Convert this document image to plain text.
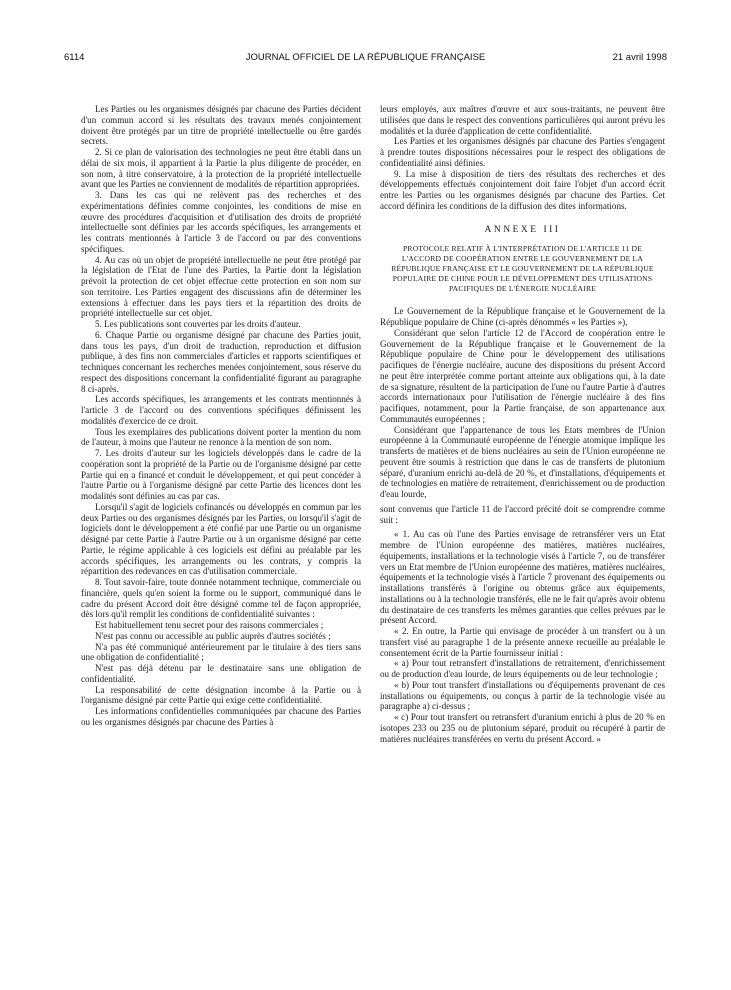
6114	JOURNAL OFFICIEL DE LA RÉPUBLIQUE FRANÇAISE	21 avril 1998

Les Parties ou les organismes désignés par chacune des Parties décident d'un commun accord si les résultats des travaux menés conjointement doivent être protégés par un titre de propriété intellectuelle ou être gardés secrets.

2. Si ce plan de valorisation des technologies ne peut être établi dans un délai de six mois, il appartient à la Partie la plus diligente de procéder, en son nom, à titre conservatoire, à la protection de la propriété intellectuelle avant que les Parties ne conviennent de modalités de répartition appropriées.

3. Dans les cas qui ne relèvent pas des recherches et des expérimentations définies comme conjointes, les conditions de mise en œuvre des procédures d'acquisition et d'utilisation des droits de propriété intellectuelle sont définies par les accords spécifiques, les arrangements et les contrats mentionnés à l'article 3 de l'accord ou par des conventions spécifiques.

4. Au cas où un objet de propriété intellectuelle ne peut être protégé par la législation de l'Etat de l'une des Parties, la Partie dont la législation prévoit la protection de cet objet effectue cette protection en son nom sur son territoire. Les Parties engagent des discussions afin de déterminer les extensions à effectuer dans les pays tiers et la répartition des droits de propriété intellectuelle sur cet objet.

5. Les publications sont couvertes par les droits d'auteur.

6. Chaque Partie ou organisme désigné par chacune des Parties jouit, dans tous les pays, d'un droit de traduction, reproduction et diffusion publique, à des fins non commerciales d'articles et rapports scientifiques et techniques concernant les recherches menées conjointement, sous réserve du respect des dispositions concernant la confidentialité figurant au paragraphe 8 ci-après.

Les accords spécifiques, les arrangements et les contrats mentionnés à l'article 3 de l'accord ou des conventions spécifiques définissent les modalités d'exercice de ce droit.

Tous les exemplaires des publications doivent porter la mention du nom de l'auteur, à moins que l'auteur ne renonce à la mention de son nom.

7. Les droits d'auteur sur les logiciels développés dans le cadre de la coopération sont la propriété de la Partie ou de l'organisme désigné par cette Partie qui en a financé et conduit le développement, et qui peut concéder à l'autre Partie ou à l'organisme désigné par cette Partie des licences dont les modalités sont définies au cas par cas.

Lorsqu'il s'agit de logiciels cofinancés ou développés en commun par les deux Parties ou des organismes désignés par les Parties, ou lorsqu'il s'agit de logiciels dont le développement a été confié par une Partie ou un organisme désigné par cette Partie à l'autre Partie ou à un organisme désigné par cette Partie, le régime applicable à ces logiciels est défini au préalable par les accords spécifiques, les arrangements ou les contrats, y compris la répartition des redevances en cas d'utilisation commerciale.

8. Tout savoir-faire, toute donnée notamment technique, commerciale ou financière, quels qu'en soient la forme ou le support, communiqué dans le cadre du présent Accord doit être désigné comme tel de façon appropriée, dès lors qu'il remplit les conditions de confidentialité suivantes :

Est habituellement tenu secret pour des raisons commerciales ;

N'est pas connu ou accessible au public auprès d'autres sociétés ;

N'a pas été communiqué antérieurement par le titulaire à des tiers sans une obligation de confidentialité ;

N'est pas déjà détenu par le destinataire sans une obligation de confidentialité.

La responsabilité de cette désignation incombe à la Partie ou à l'organisme désigné par cette Partie qui exige cette confidentialité.

Les informations confidentielles communiquées par chacune des Parties ou les organismes désignés par chacune des Parties à

leurs employés, aux maîtres d'œuvre et aux sous-traitants, ne peuvent être utilisées que dans le respect des conventions particulières qui auront prévu les modalités et la durée d'application de cette confidentialité.

Les Parties et les organismes désignés par chacune des Parties s'engagent à prendre toutes dispositions nécessaires pour le respect des obligations de confidentialité ainsi définies.

9. La mise à disposition de tiers des résultats des recherches et des développements effectués conjointement doit faire l'objet d'un accord écrit entre les Parties ou les organismes désignés par chacune des Parties. Cet accord définira les conditions de la diffusion des dites informations.

ANNEXE III
PROTOCOLE RELATIF À L'INTERPRÉTATION DE L'ARTICLE 11 DE L'ACCORD DE COOPÉRATION ENTRE LE GOUVERNEMENT DE LA RÉPUBLIQUE FRANÇAISE ET LE GOUVERNEMENT DE LA RÉPUBLIQUE POPULAIRE DE CHINE POUR LE DÉVELOPPEMENT DES UTILISATIONS PACIFIQUES DE L'ÉNERGIE NUCLÉAIRE

Le Gouvernement de la République française et le Gouvernement de la République populaire de Chine (ci-après dénommés « les Parties »),

Considérant que selon l'article 12 de l'Accord de coopération entre le Gouvernement de la République française et le Gouvernement de la République populaire de Chine pour le développement des utilisations pacifiques de l'énergie nucléaire, aucune des dispositions du présent Accord ne peut être interprétée comme portant atteinte aux obligations qui, à la date de sa signature, résultent de la participation de l'une ou l'autre Partie à d'autres accords internationaux pour l'utilisation de l'énergie nucléaire à des fins pacifiques, notamment, pour la Partie française, de son appartenance aux Communautés européennes ;

Considérant que l'appartenance de tous les Etats membres de l'Union européenne à la Communauté européenne de l'énergie atomique implique les transferts de matières et de biens nucléaires au sein de l'Union européenne ne peuvent être soumis à restriction que dans le cas de transferts de plutonium séparé, d'uranium enrichi au-delà de 20 %, et d'installations, d'équipements et de technologies en matière de retraitement, d'enrichissement ou de production d'eau lourde,

sont convenus que l'article 11 de l'accord précité doit se comprendre comme suit :

« 1. Au cas où l'une des Parties envisage de retransférer vers un Etat membre de l'Union européenne des matières, matières nucléaires, équipements, installations et la technologie visés à l'article 7, ou de transférer vers un Etat membre de l'Union européenne des matières, matières nucléaires, équipements et la technologie visés à l'article 7 provenant des équipements ou installations transférés à l'origine ou obtenus grâce aux équipements, installations ou à la technologie transférés, elle ne le fait qu'après avoir obtenu du destinataire de ces transferts les mêmes garanties que celles prévues par le présent Accord.

« 2. En outre, la Partie qui envisage de procéder à un transfert ou à un transfert visé au paragraphe 1 de la présente annexe recueille au préalable le consentement écrit de la Partie fournisseur initial :

« a) Pour tout retransfert d'installations de retraitement, d'enrichissement ou de production d'eau lourde, de leurs équipements ou de leur technologie ;

« b) Pour tout transfert d'installations ou d'équipements provenant de ces installations ou équipements, ou conçus à partir de la technologie visée au paragraphe a) ci-dessus ;

« c) Pour tout transfert ou retransfert d'uranium enrichi à plus de 20 % en isotopes 233 ou 235 ou de plutonium séparé, produit ou récupéré à partir de matières nucléaires transférées en vertu du présent Accord. »
